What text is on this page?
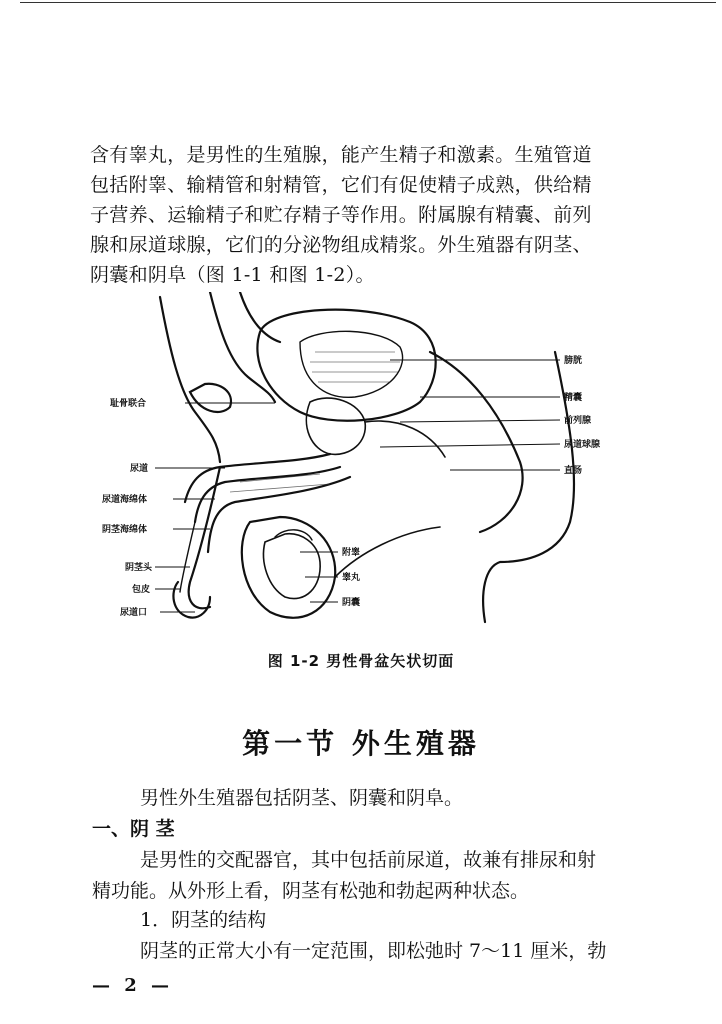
含有睾丸，是男性的生殖腺，能产生精子和激素。生殖管道
包括附睾、输精管和射精管，它们有促使精子成熟，供给精
子营养、运输精子和贮存精子等作用。附属腺有精囊、前列
腺和尿道球腺，它们的分泌物组成精浆。外生殖器有阴茎、
阴囊和阴阜（图 1-1 和图 1-2）。
耻骨联合
尿道
尿道海绵体
阴茎海绵体
阴茎头
包皮
尿道口
膀胱
精囊
前列腺
尿道球腺
直肠
附睾
睾丸
阴囊
图 1-2 男性骨盆矢状切面
第一节 外生殖器
男性外生殖器包括阴茎、阴囊和阴阜。
一、阴 茎
是男性的交配器官，其中包括前尿道，故兼有排尿和射
精功能。从外形上看，阴茎有松弛和勃起两种状态。
1．阴茎的结构
阴茎的正常大小有一定范围，即松弛时 7～11 厘米，勃
— 2 —
